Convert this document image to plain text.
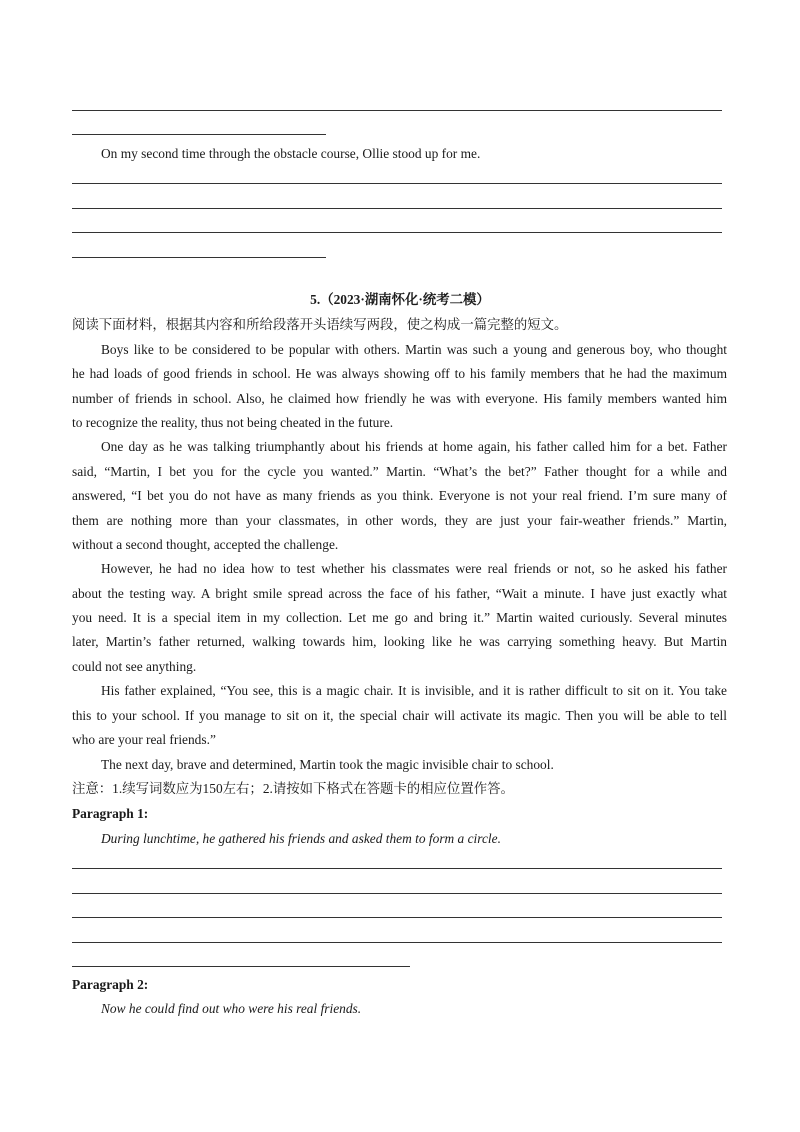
On my second time through the obstacle course, Ollie stood up for me.
5.（2023·湖南怀化·统考二模）
阅读下面材料，根据其内容和所给段落开头语续写两段，使之构成一篇完整的短文。
Boys like to be considered to be popular with others. Martin was such a young and generous boy, who thought
he had loads of good friends in school. He was always showing off to his family members that he had the maximum
number of friends in school. Also, he claimed how friendly he was with everyone. His family members wanted him
to recognize the reality, thus not being cheated in the future.
One day as he was talking triumphantly about his friends at home again, his father called him for a bet. Father
said, “Martin, I bet you for the cycle you wanted.” Martin. “What’s the bet?” Father thought for a while and
answered, “I bet you do not have as many friends as you think. Everyone is not your real friend. I’m sure many of
them are nothing more than your classmates, in other words, they are just your fair-weather friends.” Martin,
without a second thought, accepted the challenge.
However, he had no idea how to test whether his classmates were real friends or not, so he asked his father
about the testing way. A bright smile spread across the face of his father, “Wait a minute. I have just exactly what
you need. It is a special item in my collection. Let me go and bring it.” Martin waited curiously. Several minutes
later, Martin’s father returned, walking towards him, looking like he was carrying something heavy. But Martin
could not see anything.
His father explained, “You see, this is a magic chair. It is invisible, and it is rather difficult to sit on it. You take
this to your school. If you manage to sit on it, the special chair will activate its magic. Then you will be able to tell
who are your real friends.”
The next day, brave and determined, Martin took the magic invisible chair to school.
注意：1.续写词数应为150左右；2.请按如下格式在答题卡的相应位置作答。
Paragraph 1:
During lunchtime, he gathered his friends and asked them to form a circle.
Paragraph 2:
Now he could find out who were his real friends.
